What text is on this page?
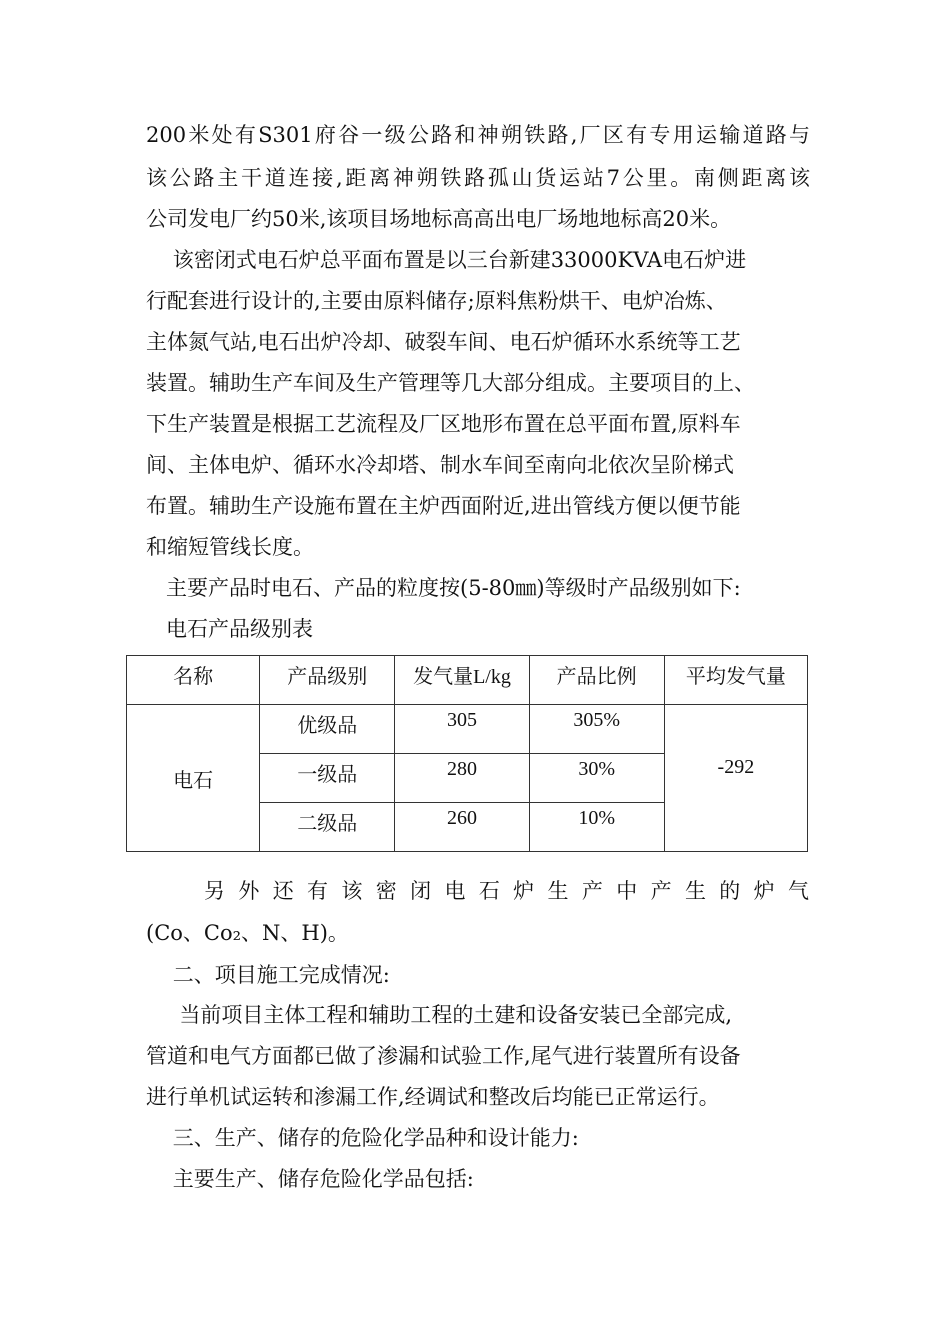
200米处有S301府谷一级公路和神朔铁路,厂区有专用运输道路与
该公路主干道连接,距离神朔铁路孤山货运站7公里。南侧距离该
公司发电厂约50米,该项目场地标高高出电厂场地地标高20米。
该密闭式电石炉总平面布置是以三台新建33000KVA电石炉进
行配套进行设计的,主要由原料储存;原料焦粉烘干、电炉冶炼、
主体氮气站,电石出炉冷却、破裂车间、电石炉循环水系统等工艺
装置。辅助生产车间及生产管理等几大部分组成。主要项目的上、
下生产装置是根据工艺流程及厂区地形布置在总平面布置,原料车
间、主体电炉、循环水冷却塔、制水车间至南向北依次呈阶梯式
布置。辅助生产设施布置在主炉西面附近,进出管线方便以便节能
和缩短管线长度。
主要产品时电石、产品的粒度按(5-80㎜)等级时产品级别如下:
电石产品级别表
名称	产品级别	发气量L/kg	产品比例	平均发气量
电石	优级品	305	305%	-292
	一级品	280	30%	
	二级品	260	10%	
另外还有该密闭电石炉生产中产生的炉气
(Co、Co₂、N、H)。
二、项目施工完成情况:
当前项目主体工程和辅助工程的土建和设备安装已全部完成,
管道和电气方面都已做了渗漏和试验工作,尾气进行装置所有设备
进行单机试运转和渗漏工作,经调试和整改后均能已正常运行。
三、生产、储存的危险化学品种和设计能力:
主要生产、储存危险化学品包括:
